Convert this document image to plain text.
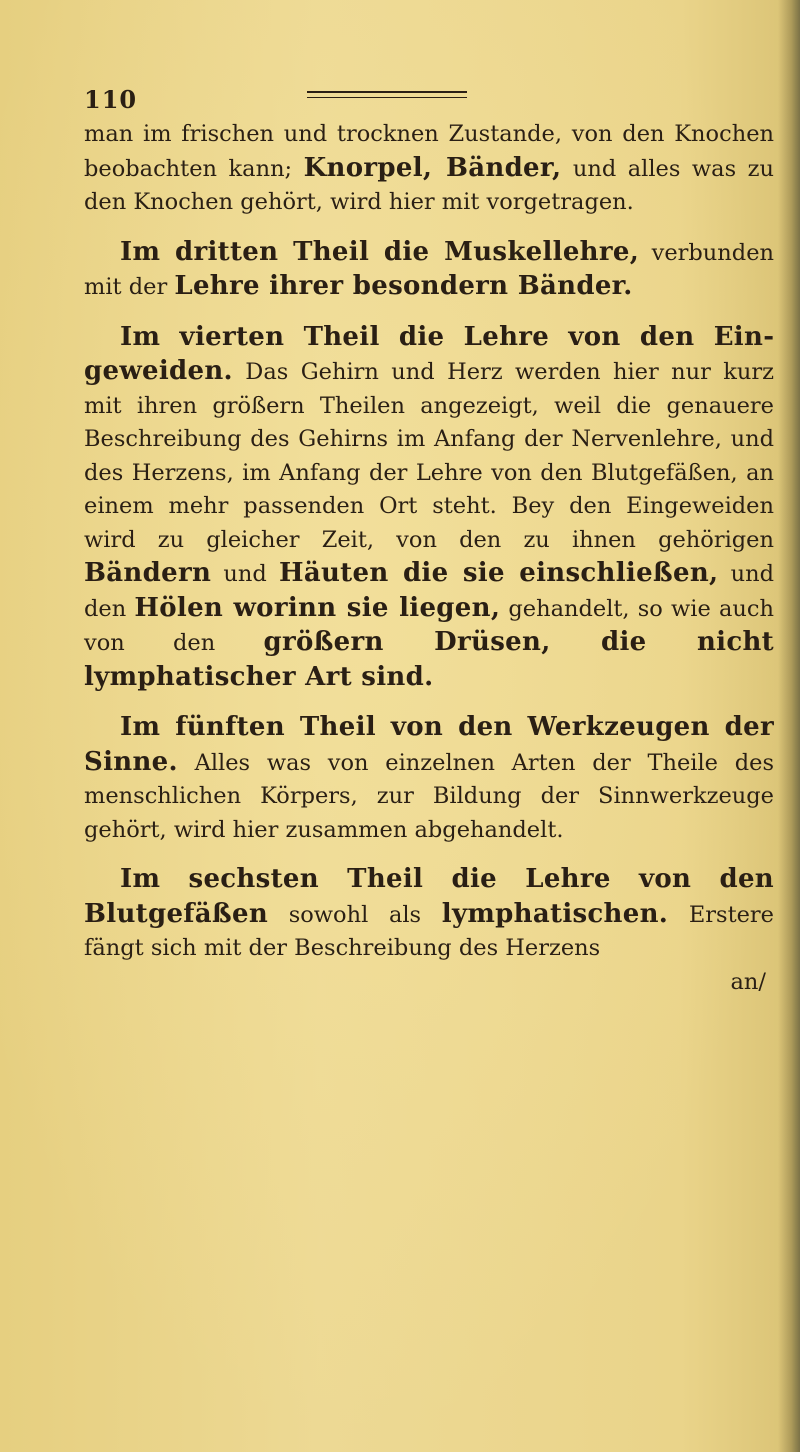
110

man im frischen und trocknen Zustande, von den Knochen beobachten kann; Knorpel, Bänder, und alles was zu den Knochen gehört, wird hier mit vorgetragen.

Im dritten Theil die Muskellehre, verbunden mit der Lehre ihrer besondern Bänder.

Im vierten Theil die Lehre von den Eingeweiden. Das Gehirn und Herz werden hier nur kurz mit ihren größern Theilen angezeigt, weil die genauere Beschreibung des Gehirns im Anfang der Nervenlehre, und des Herzens, im Anfang der Lehre von den Blutgefäßen, an einem mehr passenden Ort steht. Bey den Eingeweiden wird zu gleicher Zeit, von den zu ihnen gehörigen Bändern und Häuten die sie einschließen, und den Hölen worinn sie liegen, gehandelt, so wie auch von den größern Drüsen, die nicht lymphatischer Art sind.

Im fünften Theil von den Werkzeugen der Sinne. Alles was von einzelnen Arten der Theile des menschlichen Körpers, zur Bildung der Sinnwerkzeuge gehört, wird hier zusammen abgehandelt.

Im sechsten Theil die Lehre von den Blutgefäßen sowohl als lymphatischen. Erstere fängt sich mit der Beschreibung des Herzens

an/
